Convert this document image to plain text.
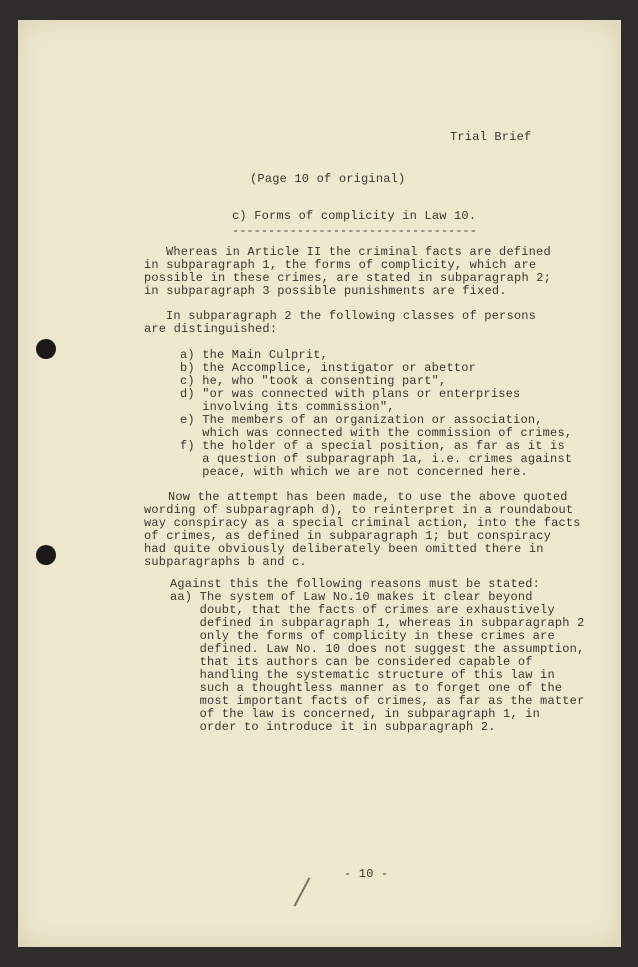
Trial Brief
(Page 10 of original)
c) Forms of complicity in Law 10.
----------------------------------
Whereas in Article II the criminal facts are defined
in subparagraph 1, the forms of complicity, which are
possible in these crimes, are stated in subparagraph 2;
in subparagraph 3 possible punishments are fixed.
In subparagraph 2 the following classes of persons
are distinguished:
a) the Main Culprit,
b) the Accomplice, instigator or abettor
c) he, who "took a consenting part",
d) "or was connected with plans or enterprises
involving its commission",
e) The members of an organization or association,
which was connected with the commission of crimes,
f) the holder of a special position, as far as it is
a question of subparagraph 1a, i.e. crimes against
peace, with which we are not concerned here.
Now the attempt has been made, to use the above quoted
wording of subparagraph d), to reinterpret in a roundabout
way conspiracy as a special criminal action, into the facts
of crimes, as defined in subparagraph 1; but conspiracy
had quite obviously deliberately been omitted there in
subparagraphs b and c.
Against this the following reasons must be stated:
aa) The system of Law No.10 makes it clear beyond
doubt, that the facts of crimes are exhaustively
defined in subparagraph 1, whereas in subparagraph 2
only the forms of complicity in these crimes are
defined. Law No. 10 does not suggest the assumption,
that its authors can be considered capable of
handling the systematic structure of this law in
such a thoughtless manner as to forget one of the
most important facts of crimes, as far as the matter
of the law is concerned, in subparagraph 1, in
order to introduce it in subparagraph 2.
- 10 -
